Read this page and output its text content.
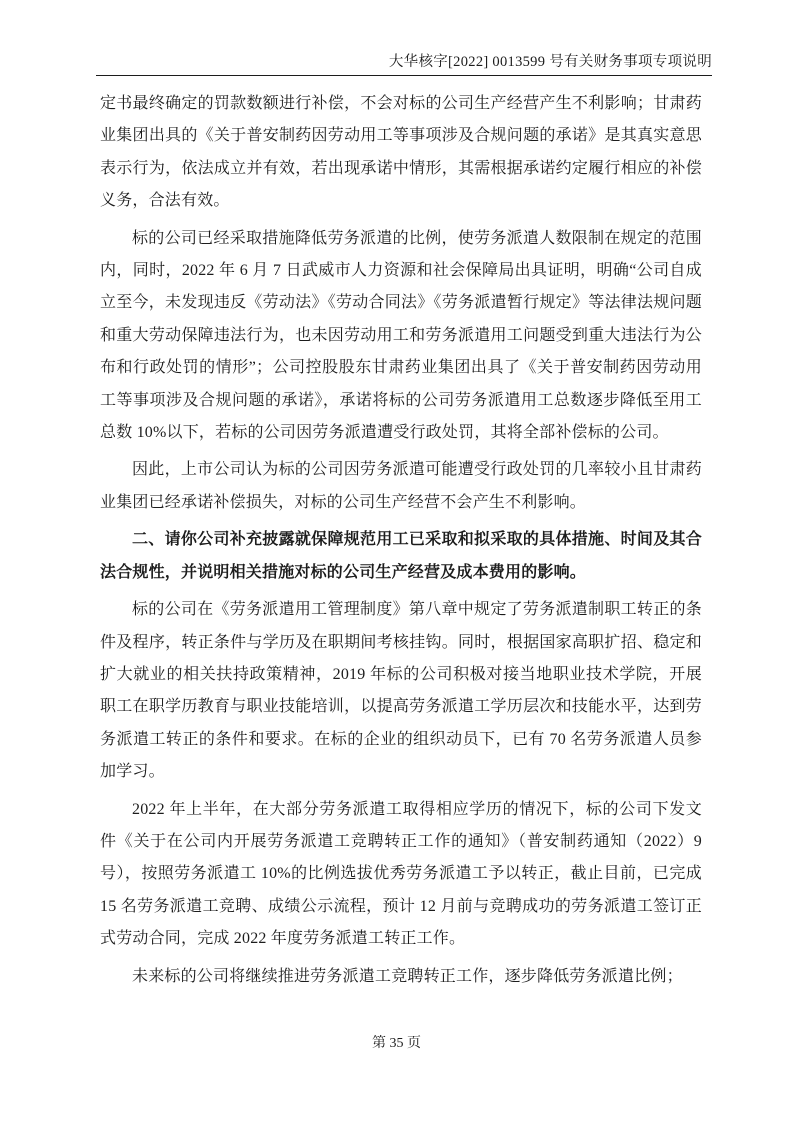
大华核字[2022] 0013599 号有关财务事项专项说明

定书最终确定的罚款数额进行补偿，不会对标的公司生产经营产生不利影响；甘肃药业集团出具的《关于普安制药因劳动用工等事项涉及合规问题的承诺》是其真实意思表示行为，依法成立并有效，若出现承诺中情形，其需根据承诺约定履行相应的补偿义务，合法有效。

标的公司已经采取措施降低劳务派遣的比例，使劳务派遣人数限制在规定的范围内，同时，2022 年 6 月 7 日武威市人力资源和社会保障局出具证明，明确“公司自成立至今，未发现违反《劳动法》《劳动合同法》《劳务派遣暂行规定》等法律法规问题和重大劳动保障违法行为，也未因劳动用工和劳务派遣用工问题受到重大违法行为公布和行政处罚的情形”；公司控股股东甘肃药业集团出具了《关于普安制药因劳动用工等事项涉及合规问题的承诺》，承诺将标的公司劳务派遣用工总数逐步降低至用工总数 10%以下，若标的公司因劳务派遣遭受行政处罚，其将全部补偿标的公司。

因此，上市公司认为标的公司因劳务派遣可能遭受行政处罚的几率较小且甘肃药业集团已经承诺补偿损失，对标的公司生产经营不会产生不利影响。

二、请你公司补充披露就保障规范用工已采取和拟采取的具体措施、时间及其合法合规性，并说明相关措施对标的公司生产经营及成本费用的影响。

标的公司在《劳务派遣用工管理制度》第八章中规定了劳务派遣制职工转正的条件及程序，转正条件与学历及在职期间考核挂钩。同时，根据国家高职扩招、稳定和扩大就业的相关扶持政策精神，2019 年标的公司积极对接当地职业技术学院，开展职工在职学历教育与职业技能培训，以提高劳务派遣工学历层次和技能水平，达到劳务派遣工转正的条件和要求。在标的企业的组织动员下，已有 70 名劳务派遣人员参加学习。

2022 年上半年，在大部分劳务派遣工取得相应学历的情况下，标的公司下发文件《关于在公司内开展劳务派遣工竞聘转正工作的通知》（普安制药通知（2022）9 号），按照劳务派遣工 10%的比例选拔优秀劳务派遣工予以转正，截止目前，已完成 15 名劳务派遣工竞聘、成绩公示流程，预计 12 月前与竞聘成功的劳务派遣工签订正式劳动合同，完成 2022 年度劳务派遣工转正工作。

未来标的公司将继续推进劳务派遣工竞聘转正工作，逐步降低劳务派遣比例；

第 35 页
